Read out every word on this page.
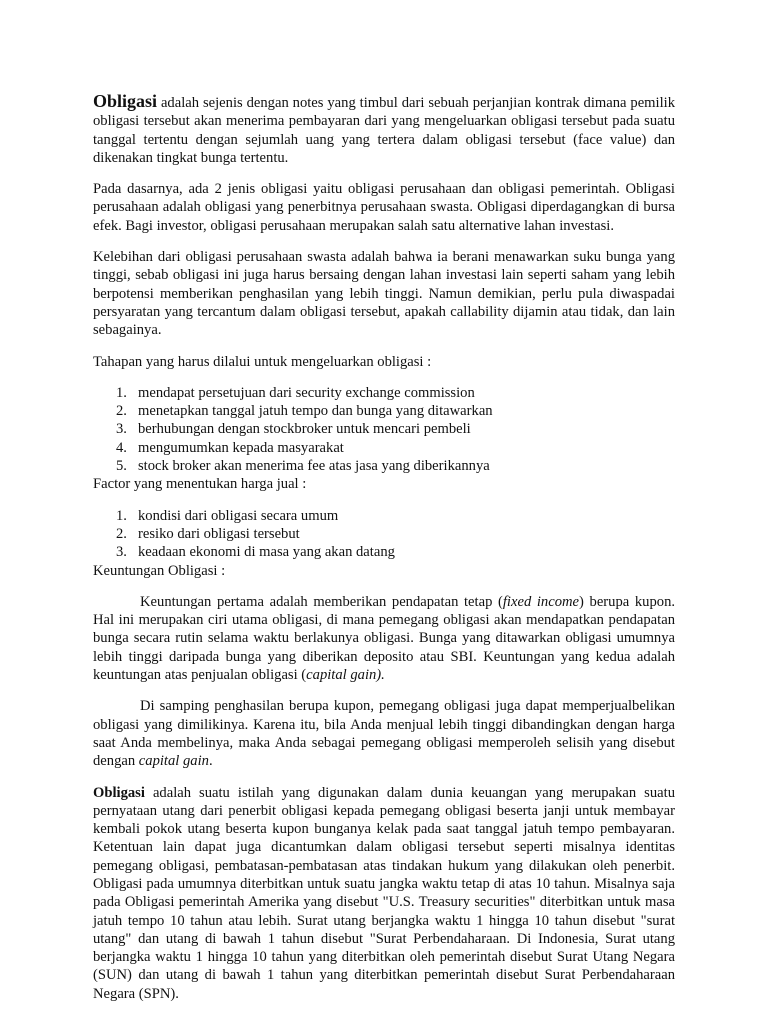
Obligasi adalah sejenis dengan notes yang timbul dari sebuah perjanjian kontrak dimana pemilik obligasi tersebut akan menerima pembayaran dari yang mengeluarkan obligasi tersebut pada suatu tanggal tertentu dengan sejumlah uang yang tertera dalam obligasi tersebut (face value) dan dikenakan tingkat bunga tertentu.

Pada dasarnya, ada 2 jenis obligasi yaitu obligasi perusahaan dan obligasi pemerintah. Obligasi perusahaan adalah obligasi yang penerbitnya perusahaan swasta. Obligasi diperdagangkan di bursa efek. Bagi investor, obligasi perusahaan merupakan salah satu alternative lahan investasi.

Kelebihan dari obligasi perusahaan swasta adalah bahwa ia berani menawarkan suku bunga yang tinggi, sebab obligasi ini juga harus bersaing dengan lahan investasi lain seperti saham yang lebih berpotensi memberikan penghasilan yang lebih tinggi. Namun demikian, perlu pula diwaspadai persyaratan yang tercantum dalam obligasi tersebut, apakah callability dijamin atau tidak, dan lain sebagainya.

Tahapan yang harus dilalui untuk mengeluarkan obligasi :

1. mendapat persetujuan dari security exchange commission
2. menetapkan tanggal jatuh tempo dan bunga yang ditawarkan
3. berhubungan dengan stockbroker untuk mencari pembeli
4. mengumumkan kepada masyarakat
5. stock broker akan menerima fee atas jasa yang diberikannya

Factor yang menentukan harga jual :

1. kondisi dari obligasi secara umum
2. resiko dari obligasi tersebut
3. keadaan ekonomi di masa yang akan datang

Keuntungan Obligasi :

Keuntungan pertama adalah memberikan pendapatan tetap (fixed income) berupa kupon. Hal ini merupakan ciri utama obligasi, di mana pemegang obligasi akan mendapatkan pendapatan bunga secara rutin selama waktu berlakunya obligasi. Bunga yang ditawarkan obligasi umumnya lebih tinggi daripada bunga yang diberikan deposito atau SBI. Keuntungan yang kedua adalah keuntungan atas penjualan obligasi (capital gain).

Di samping penghasilan berupa kupon, pemegang obligasi juga dapat memperjualbelikan obligasi yang dimilikinya. Karena itu, bila Anda menjual lebih tinggi dibandingkan dengan harga saat Anda membelinya, maka Anda sebagai pemegang obligasi memperoleh selisih yang disebut dengan capital gain.

Obligasi adalah suatu istilah yang digunakan dalam dunia keuangan yang merupakan suatu pernyataan utang dari penerbit obligasi kepada pemegang obligasi beserta janji untuk membayar kembali pokok utang beserta kupon bunganya kelak pada saat tanggal jatuh tempo pembayaran. Ketentuan lain dapat juga dicantumkan dalam obligasi tersebut seperti misalnya identitas pemegang obligasi, pembatasan-pembatasan atas tindakan hukum yang dilakukan oleh penerbit. Obligasi pada umumnya diterbitkan untuk suatu jangka waktu tetap di atas 10 tahun. Misalnya saja pada Obligasi pemerintah Amerika yang disebut "U.S. Treasury securities" diterbitkan untuk masa jatuh tempo 10 tahun atau lebih. Surat utang berjangka waktu 1 hingga 10 tahun disebut "surat utang" dan utang di bawah 1 tahun disebut "Surat Perbendaharaan. Di Indonesia, Surat utang berjangka waktu 1 hingga 10 tahun yang diterbitkan oleh pemerintah disebut Surat Utang Negara (SUN) dan utang di bawah 1 tahun yang diterbitkan pemerintah disebut Surat Perbendaharaan Negara (SPN).
